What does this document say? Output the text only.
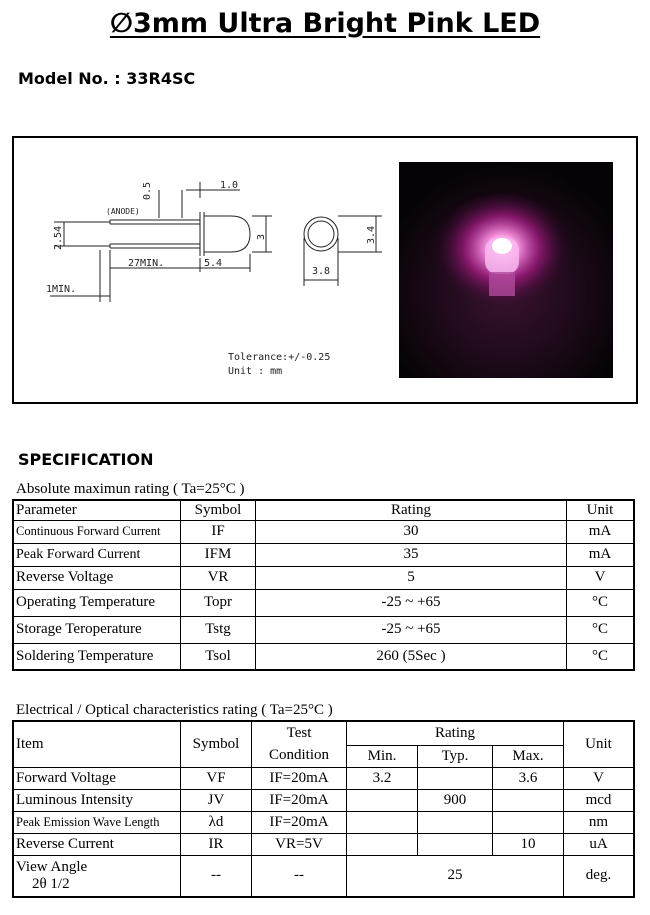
∅3mm Ultra Bright Pink LED
Model No. : 33R4SC
(ANODE)
0.5	1.0
2.54	3
27MIN.	5.4
1MIN.
3.4
3.8
Tolerance:+/-0.25
Unit : mm
SPECIFICATION
Absolute maximun rating ( Ta=25°C )
Parameter	Symbol	Rating	Unit
Continuous Forward Current	IF	30	mA
Peak Forward Current	IFM	35	mA
Reverse Voltage	VR	5	V
Operating Temperature	Topr	-25 ~ +65	°C
Storage Teroperature	Tstg	-25 ~ +65	°C
Soldering Temperature	Tsol	260 (5Sec )	°C
Electrical / Optical characteristics rating ( Ta=25°C )
Item	Symbol	Test	Rating			Unit
		Condition	Min.	Typ.	Max.	
Forward Voltage	VF	IF=20mA	3.2		3.6	V
Luminous Intensity	JV	IF=20mA		900		mcd
Peak Emission Wave Length	λd	IF=20mA				nm
Reverse Current	IR	VR=5V			10	uA

View Angle
2θ 1/2	--	--	25			deg.
